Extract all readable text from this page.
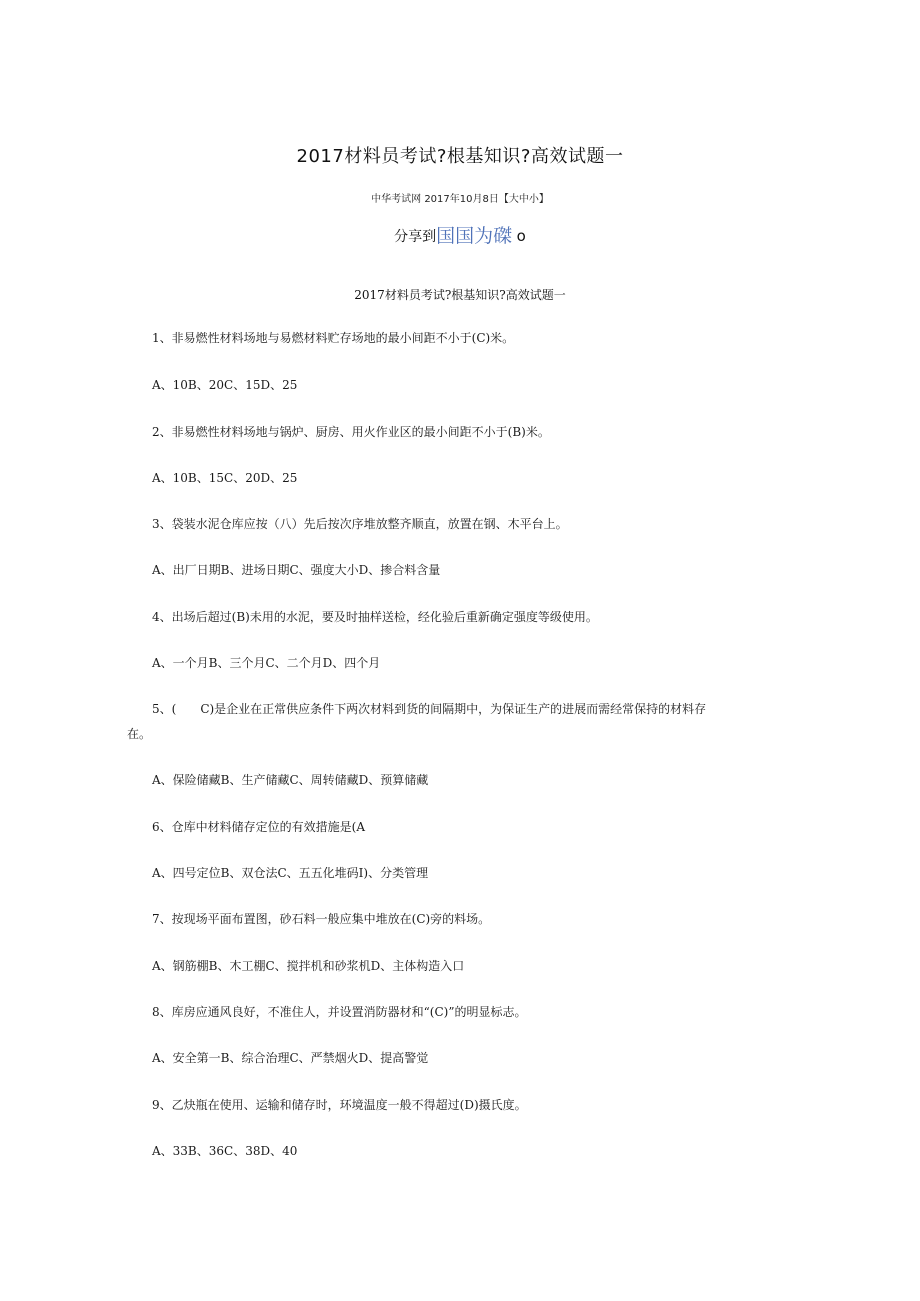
2017材料员考试?根基知识?高效试题一
中华考试网 2017年10月8日【大中小】
分享到国国为磔 o
2017材料员考试?根基知识?高效试题一
1、非易燃性材料场地与易燃材料贮存场地的最小间距不小于(C)米。
A、10B、20C、15D、25
2、非易燃性材料场地与锅炉、厨房、用火作业区的最小间距不小于(B)米。
A、10B、15C、20D、25
3、袋装水泥仓库应按（八）先后按次序堆放整齐顺直，放置在钢、木平台上。
A、出厂日期B、进场日期C、强度大小D、掺合料含量
4、出场后超过(B)未用的水泥，要及时抽样送检，经化验后重新确定强度等级使用。
A、一个月B、三个月C、二个月D、四个月
5、(　　C)是企业在正常供应条件下两次材料到货的间隔期中，为保证生产的进展而需经常保持的材料存
在。
A、保险储藏B、生产储藏C、周转储藏D、预算储藏
6、仓库中材料储存定位的有效措施是(A
A、四号定位B、双仓法C、五五化堆码I)、分类管理
7、按现场平面布置图，砂石料一般应集中堆放在(C)旁的料场。
A、钢筋棚B、木工棚C、搅拌机和砂浆机D、主体构造入口
8、库房应通风良好，不准住人，并设置消防器材和“(C)”的明显标志。
A、安全第一B、综合治理C、严禁烟火D、提高警觉
9、乙炔瓶在使用、运输和储存时，环境温度一般不得超过(D)摄氏度。
A、33B、36C、38D、40
